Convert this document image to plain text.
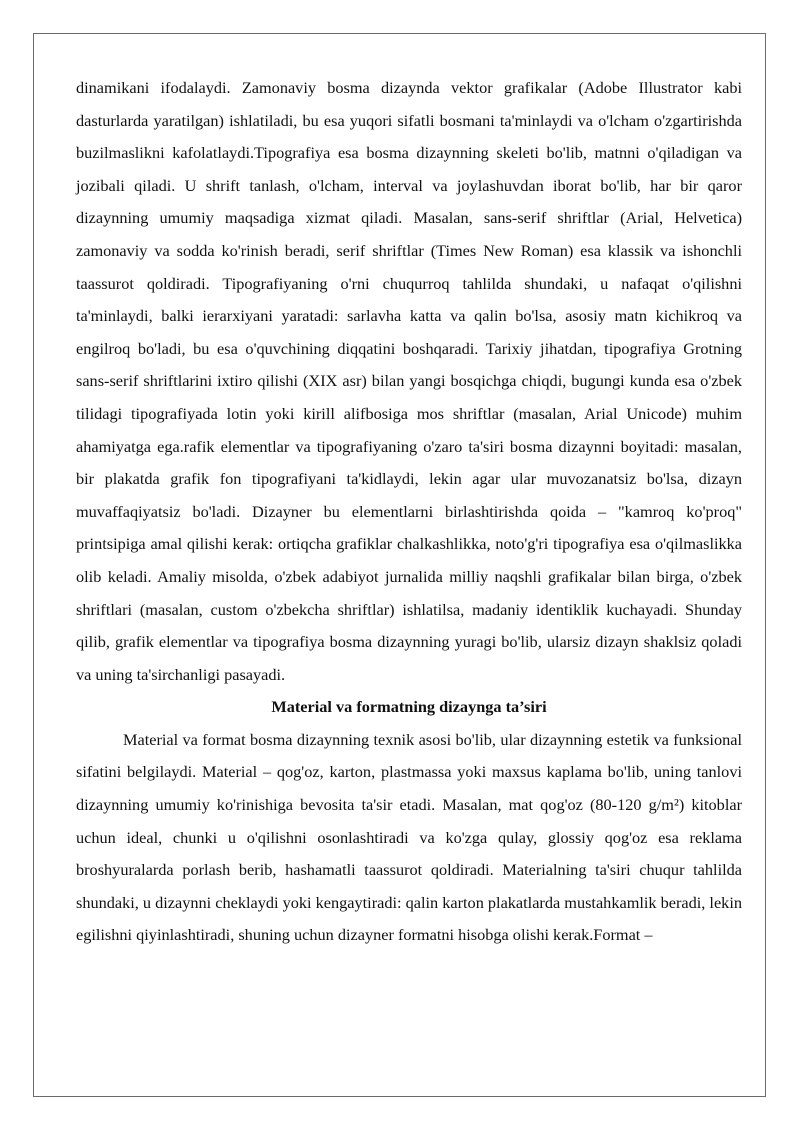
dinamikani ifodalaydi. Zamonaviy bosma dizaynda vektor grafikalar (Adobe Illustrator kabi dasturlarda yaratilgan) ishlatiladi, bu esa yuqori sifatli bosmani ta'minlaydi va o'lcham o'zgartirishda buzilmaslikni kafolatlaydi.Tipografiya esa bosma dizaynning skeleti bo'lib, matnni o'qiladigan va jozibali qiladi. U shrift tanlash, o'lcham, interval va joylashuvdan iborat bo'lib, har bir qaror dizaynning umumiy maqsadiga xizmat qiladi. Masalan, sans-serif shriftlar (Arial, Helvetica) zamonaviy va sodda ko'rinish beradi, serif shriftlar (Times New Roman) esa klassik va ishonchli taassurot qoldiradi. Tipografiyaning o'rni chuqurroq tahlilda shundaki, u nafaqat o'qilishni ta'minlaydi, balki ierarxiyani yaratadi: sarlavha katta va qalin bo'lsa, asosiy matn kichikroq va engilroq bo'ladi, bu esa o'quvchining diqqatini boshqaradi. Tarixiy jihatdan, tipografiya Grotning sans-serif shriftlarini ixtiro qilishi (XIX asr) bilan yangi bosqichga chiqdi, bugungi kunda esa o'zbek tilidagi tipografiyada lotin yoki kirill alifbosiga mos shriftlar (masalan, Arial Unicode) muhim ahamiyatga ega.rafik elementlar va tipografiyaning o'zaro ta'siri bosma dizaynni boyitadi: masalan, bir plakatda grafik fon tipografiyani ta'kidlaydi, lekin agar ular muvozanatsiz bo'lsa, dizayn muvaffaqiyatsiz bo'ladi. Dizayner bu elementlarni birlashtirishda qoida – "kamroq ko'proq" printsipiga amal qilishi kerak: ortiqcha grafiklar chalkashlikka, noto'g'ri tipografiya esa o'qilmaslikka olib keladi. Amaliy misolda, o'zbek adabiyot jurnalida milliy naqshli grafikalar bilan birga, o'zbek shriftlari (masalan, custom o'zbekcha shriftlar) ishlatilsa, madaniy identiklik kuchayadi. Shunday qilib, grafik elementlar va tipografiya bosma dizaynning yuragi bo'lib, ularsiz dizayn shaklsiz qoladi va uning ta'sirchanligi pasayadi.

Material va formatning dizaynga ta’siri

Material va format bosma dizaynning texnik asosi bo'lib, ular dizaynning estetik va funksional sifatini belgilaydi. Material – qog'oz, karton, plastmassa yoki maxsus kaplama bo'lib, uning tanlovi dizaynning umumiy ko'rinishiga bevosita ta'sir etadi. Masalan, mat qog'oz (80-120 g/m²) kitoblar uchun ideal, chunki u o'qilishni osonlashtiradi va ko'zga qulay, glossiy qog'oz esa reklama broshyuralarda porlash berib, hashamatli taassurot qoldiradi. Materialning ta'siri chuqur tahlilda shundaki, u dizaynni cheklaydi yoki kengaytiradi: qalin karton plakatlarda mustahkamlik beradi, lekin egilishni qiyinlashtiradi, shuning uchun dizayner formatni hisobga olishi kerak.Format –
